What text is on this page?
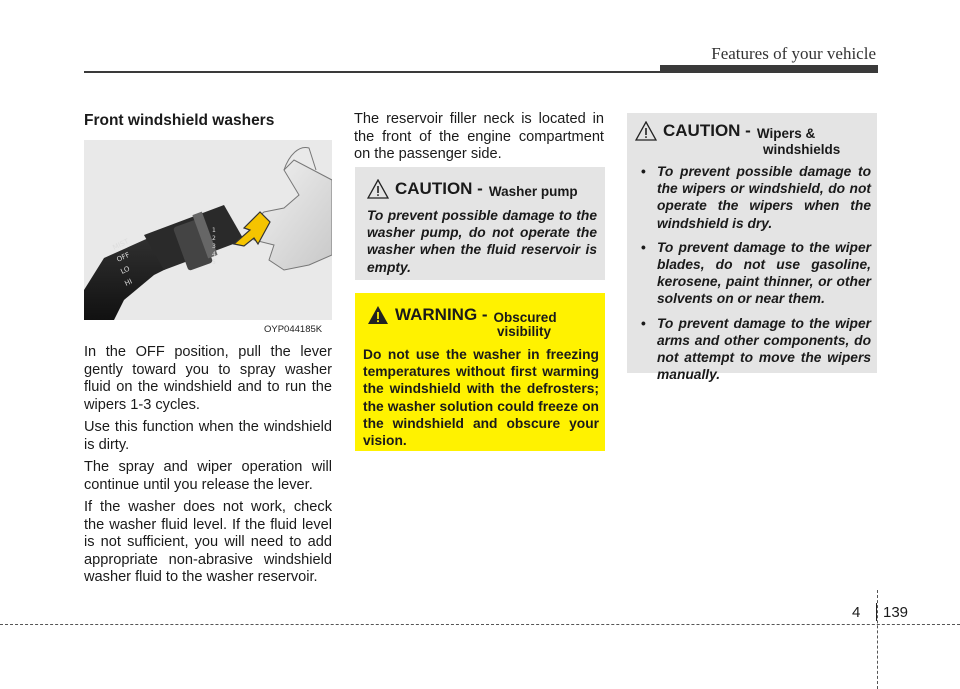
Features of your vehicle
Front windshield washers
MIST
OFF
LO
HI
1
2
3
4
5
OYP044185K

In the OFF position, pull the lever gently toward you to spray washer fluid on the windshield and to run the wipers 1-3 cycles.

Use this function when the windshield is dirty.

The spray and wiper operation will continue until you release the lever.

If the washer does not work, check the washer fluid level. If the fluid level is not sufficient, you will need to add appropriate non-abrasive windshield washer fluid to the washer reservoir.

The reservoir filler neck is located in the front of the engine compartment on the passenger side.

CAUTION - Washer pump
To prevent possible damage to the washer pump, do not operate the washer when the fluid reservoir is empty.
WARNING - Obscured
visibility
Do not use the washer in freezing temperatures without first warming the windshield with the defrosters; the washer solution could freeze on the windshield and obscure your vision.
CAUTION - Wipers &
windshields
• To prevent possible damage to the wipers or windshield, do not operate the wipers when the windshield is dry.
• To prevent damage to the wiper blades, do not use gasoline, kerosene, paint thinner, or other solvents on or near them.
• To prevent damage to the wiper arms and other components, do not attempt to move the wipers manually.
4 139
